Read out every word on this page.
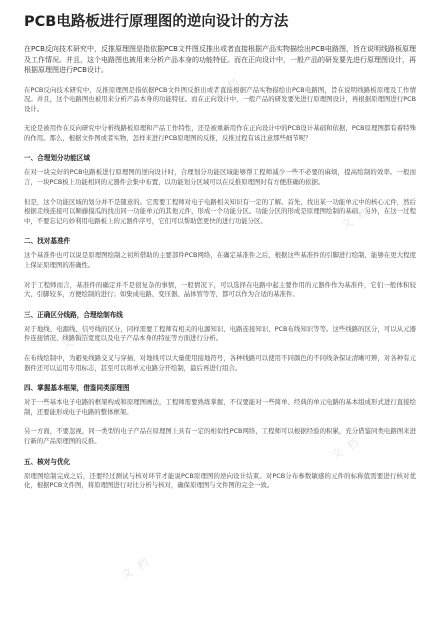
文 档
文 档
文 档
文 档
文 档
PCB电路板进行原理图的逆向设计的方法

在PCB反向技术研究中，反推原理图是指依据PCB文件图反推出或者直接根据产品实物描绘出PCB电路图，旨在说明线路板原理及工作情况。并且，这个电路图也被用来分析产品本身的功能特征。而在正向设计中，一般产品的研发要先进行原理图设计，再根据原理图进行PCB设计。

在PCB反向技术研究中，反推原理图是指依据PCB文件图反推出或者直接根据产品实物描绘出PCB电路图，旨在说明线路板原理及工作情况。并且，这个电路图也被用来分析产品本身的功能特征。而在正向设计中，一般产品的研发要先进行原理图设计，再根据原理图进行PCB设计。

无论是被用作在反向研究中分析线路板原理和产品工作特性，还是被重新用作在正向设计中的PCB设计基础和依据，PCB原理图都有着特殊的作用。那么，根据文件图或者实物，怎样来进行PCB原理图的反推，反推过程有该注意那些细节呢？

一、合理划分功能区域

在对一块完好的PCB电路板进行原理图的逆向设计时，合理划分功能区域能够帮工程师减少一些不必要的麻烦，提高绘制的效率。一般而言，一块PCB板上功能相同的元器件会集中布置，以功能划分区域可以在反推原理图时有方便准确的依据。

但是，这个功能区域的划分并不是随意的。它需要工程师对电子电路相关知识有一定的了解。首先，找出某一功能单元中的核心元件，然后根据走线连接可以顺藤摸瓜的找出同一功能单元的其他元件，形成一个功能分区。功能分区的形成是原理图绘制的基础。另外，在这一过程中，不要忘记巧妙利用电路板上的元器件序号，它们可以帮助您更快的进行功能分区。

二、找对基准件

这个基准件也可以说是原理图绘制之初所借助的主要部件PCB网络，在确定基准件之后，根据这些基准件的引脚进行绘制，能够在更大程度上保证原理图的准确性。

对于工程师而言，基准件的确定并不是很复杂的事情，一般情况下，可以选择在电路中起主要作用的元器件作为基准件，它们一般体积较大、引脚较多，方便绘制的进行；如集成电路、变压器、晶体管等等，都可以作为合适的基准件。

三、正确区分线路，合理绘制布线

对于地线、电源线、信号线的区分，同样需要工程师有相关的电源知识、电路连接知识、PCB布线知识等等。这些线路的区分，可以从元器件连接情况、线路铜箔宽度以及电子产品本身的特征等方面进行分析。

在布线绘制中，为避免线路交叉与穿插，对地线可以大量使用接地符号，各种线路可以使用不同颜色的不同线条保证清晰可辨，对各种有元器件还可以运用专用标志，甚至可以将单元电路分开绘制，最后再进行组合。

四、掌握基本框架，借鉴同类原理图

对于一些基本电子电路的框架构成和原理图画法，工程师需要熟练掌握，不仅要能对一些简单、经典的单元电路的基本组成形式进行直接绘制，还要能形成电子电路的整体框架。

另一方面，不要忽视，同一类型的电子产品在原理图上具有一定的相似性PCB网络，工程师可以根据经验的积累，充分借鉴同类电路图来进行新的产品原理图的反推。

五、核对与优化

原理图绘制完成之后，还要经过测试与核对环节才能说PCB原理图的逆向设计结束。对PCB分布参数敏感的元件的标称值需要进行核对优化，根据PCB文件图，将原理图进行对比分析与核对，确保原理图与文件图的完全一致。
